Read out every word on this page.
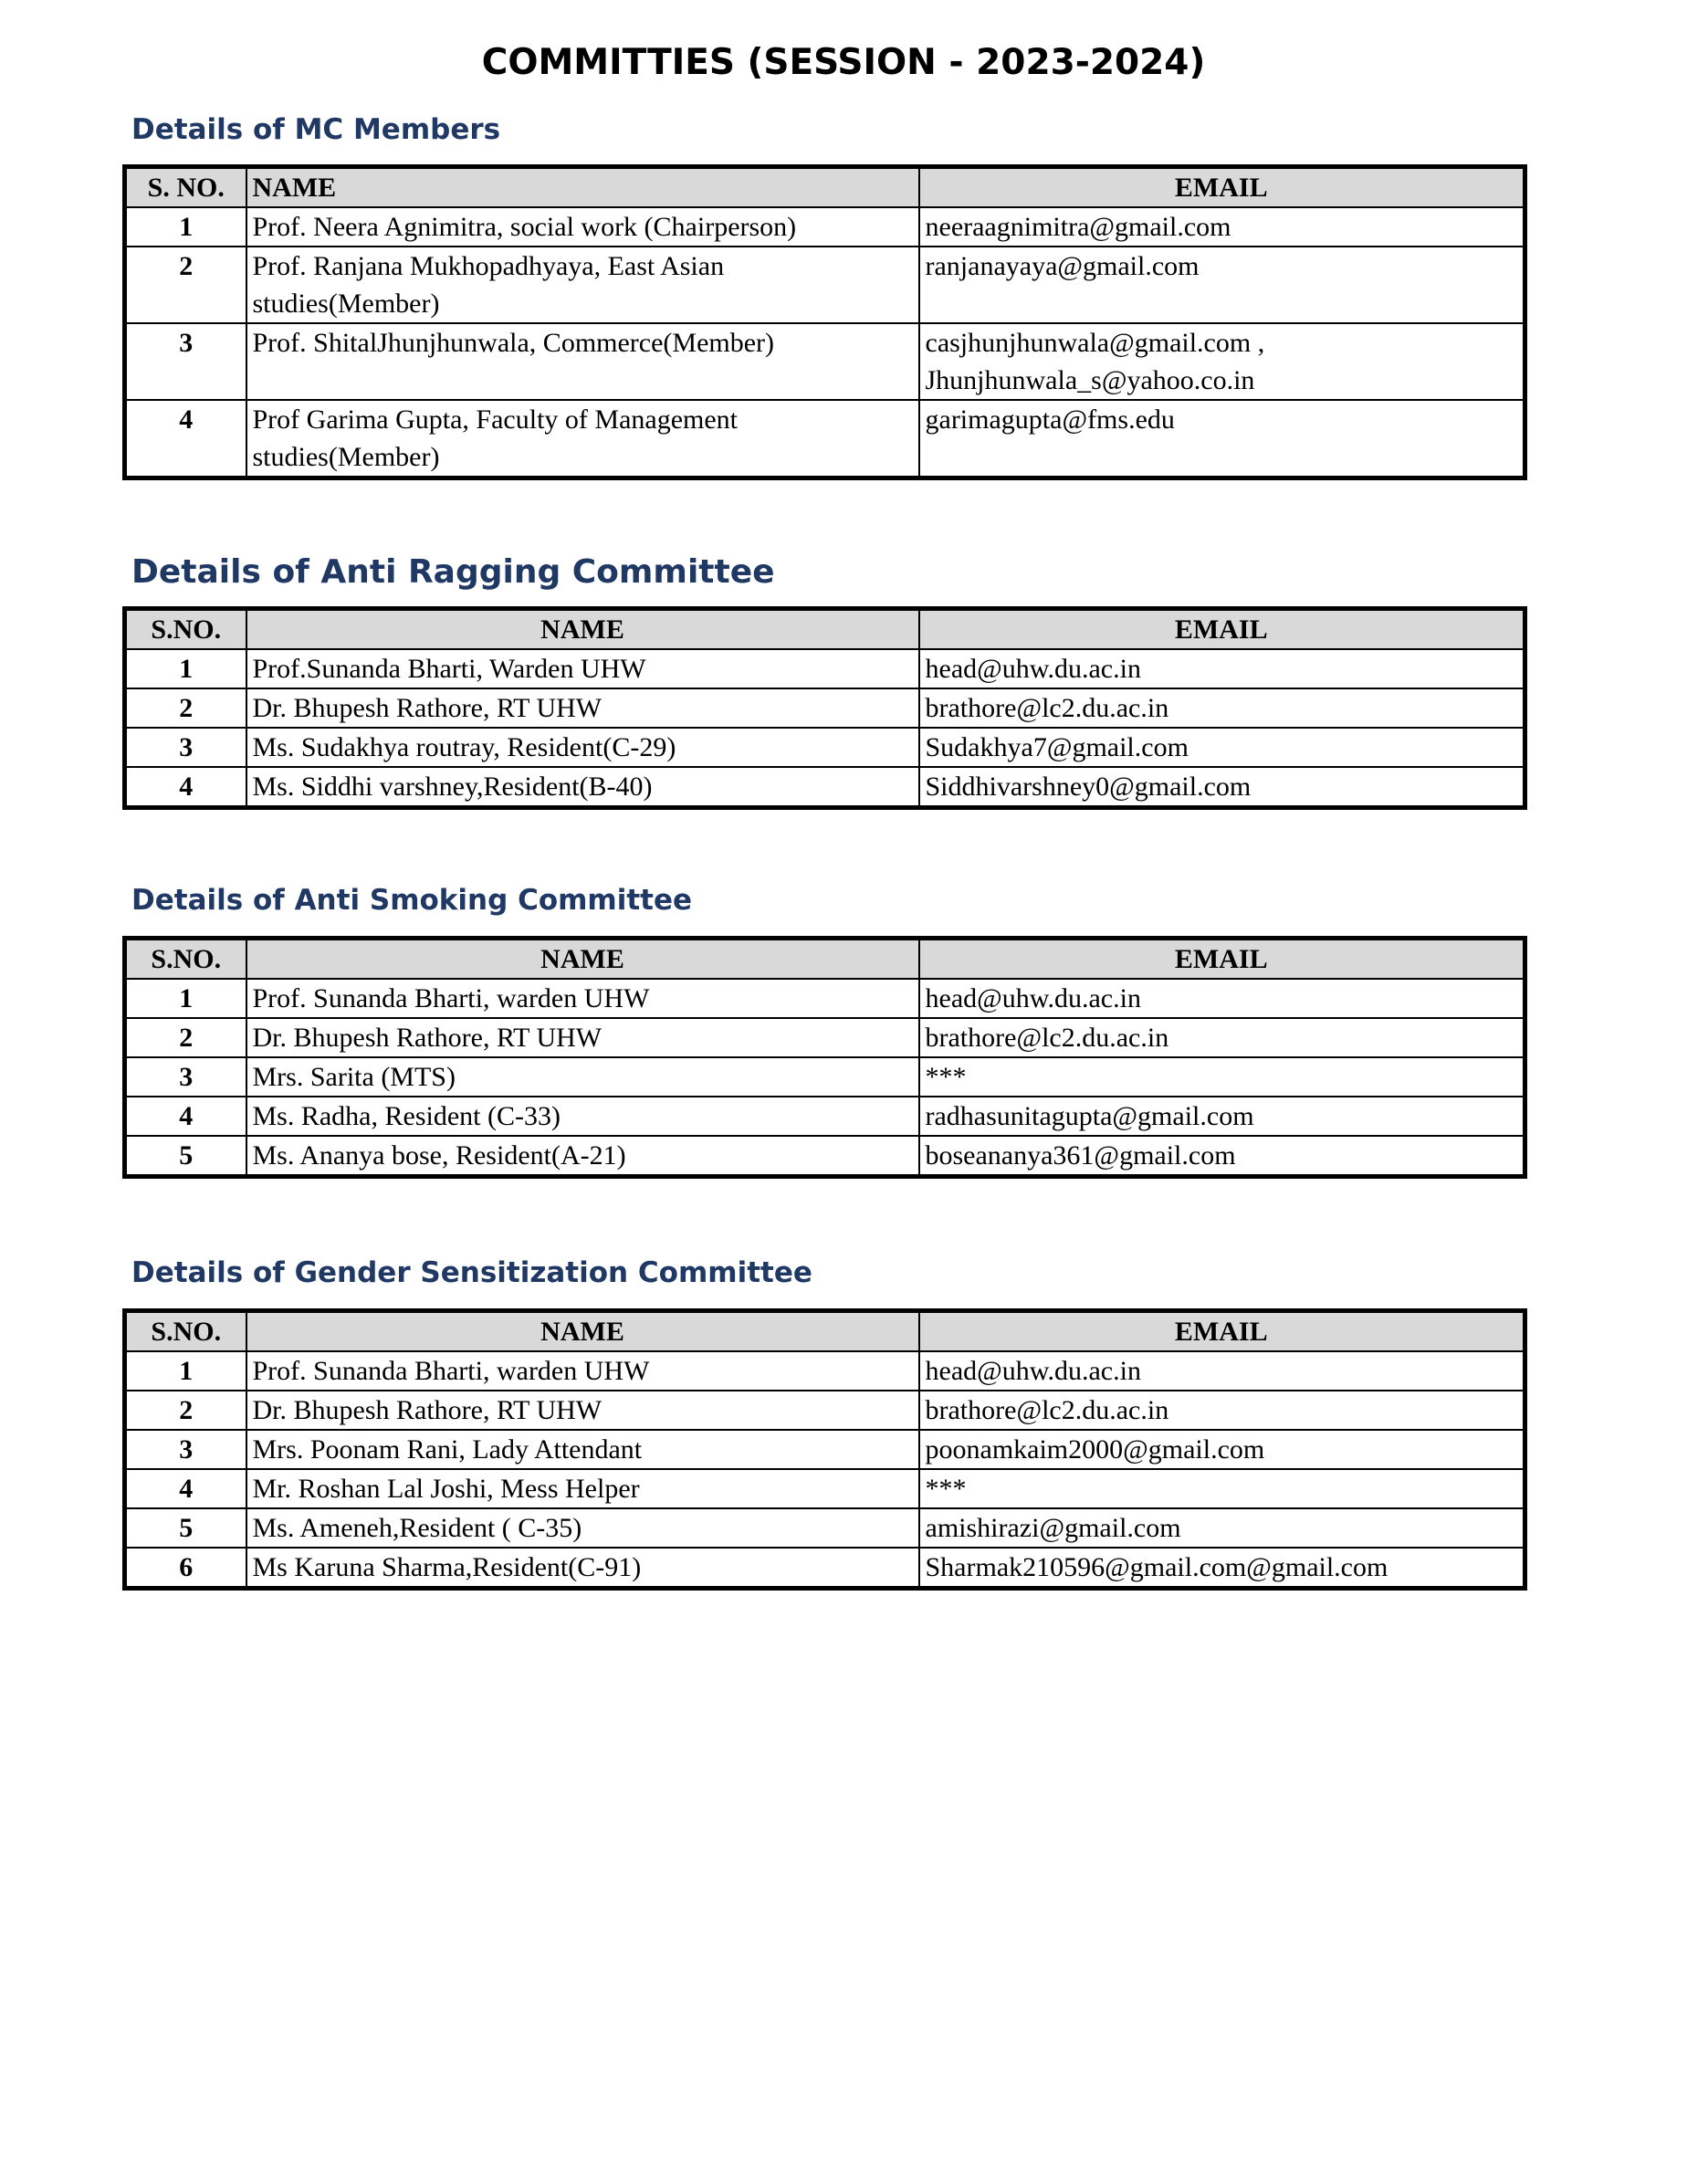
COMMITTIES (SESSION - 2023-2024)
Details of MC Members
S. NO.	NAME	EMAIL
1	Prof. Neera Agnimitra, social work (Chairperson)	neeraagnimitra@gmail.com
2	Prof. Ranjana Mukhopadhyaya, East Asian studies(Member)	ranjanayaya@gmail.com
3	Prof. ShitalJhunjhunwala, Commerce(Member)	casjhunjhunwala@gmail.com , Jhunjhunwala_s@yahoo.co.in
4	Prof Garima Gupta, Faculty of Management studies(Member)	garimagupta@fms.edu
Details of Anti Ragging Committee
S.NO.	NAME	EMAIL
1	Prof.Sunanda Bharti, Warden UHW	head@uhw.du.ac.in
2	Dr. Bhupesh Rathore, RT UHW	brathore@lc2.du.ac.in
3	Ms. Sudakhya routray, Resident(C-29)	Sudakhya7@gmail.com
4	Ms. Siddhi varshney,Resident(B-40)	Siddhivarshney0@gmail.com
Details of Anti Smoking Committee
S.NO.	NAME	EMAIL
1	Prof. Sunanda Bharti, warden UHW	head@uhw.du.ac.in
2	Dr. Bhupesh Rathore, RT UHW	brathore@lc2.du.ac.in
3	Mrs. Sarita (MTS)	***
4	Ms. Radha, Resident (C-33)	radhasunitagupta@gmail.com
5	Ms. Ananya bose, Resident(A-21)	boseananya361@gmail.com
Details of Gender Sensitization Committee
S.NO.	NAME	EMAIL
1	Prof. Sunanda Bharti, warden UHW	head@uhw.du.ac.in
2	Dr. Bhupesh Rathore, RT UHW	brathore@lc2.du.ac.in
3	Mrs. Poonam Rani, Lady Attendant	poonamkaim2000@gmail.com
4	Mr. Roshan Lal Joshi, Mess Helper	***
5	Ms. Ameneh,Resident ( C-35)	amishirazi@gmail.com
6	Ms Karuna Sharma,Resident(C-91)	Sharmak210596@gmail.com@gmail.com
